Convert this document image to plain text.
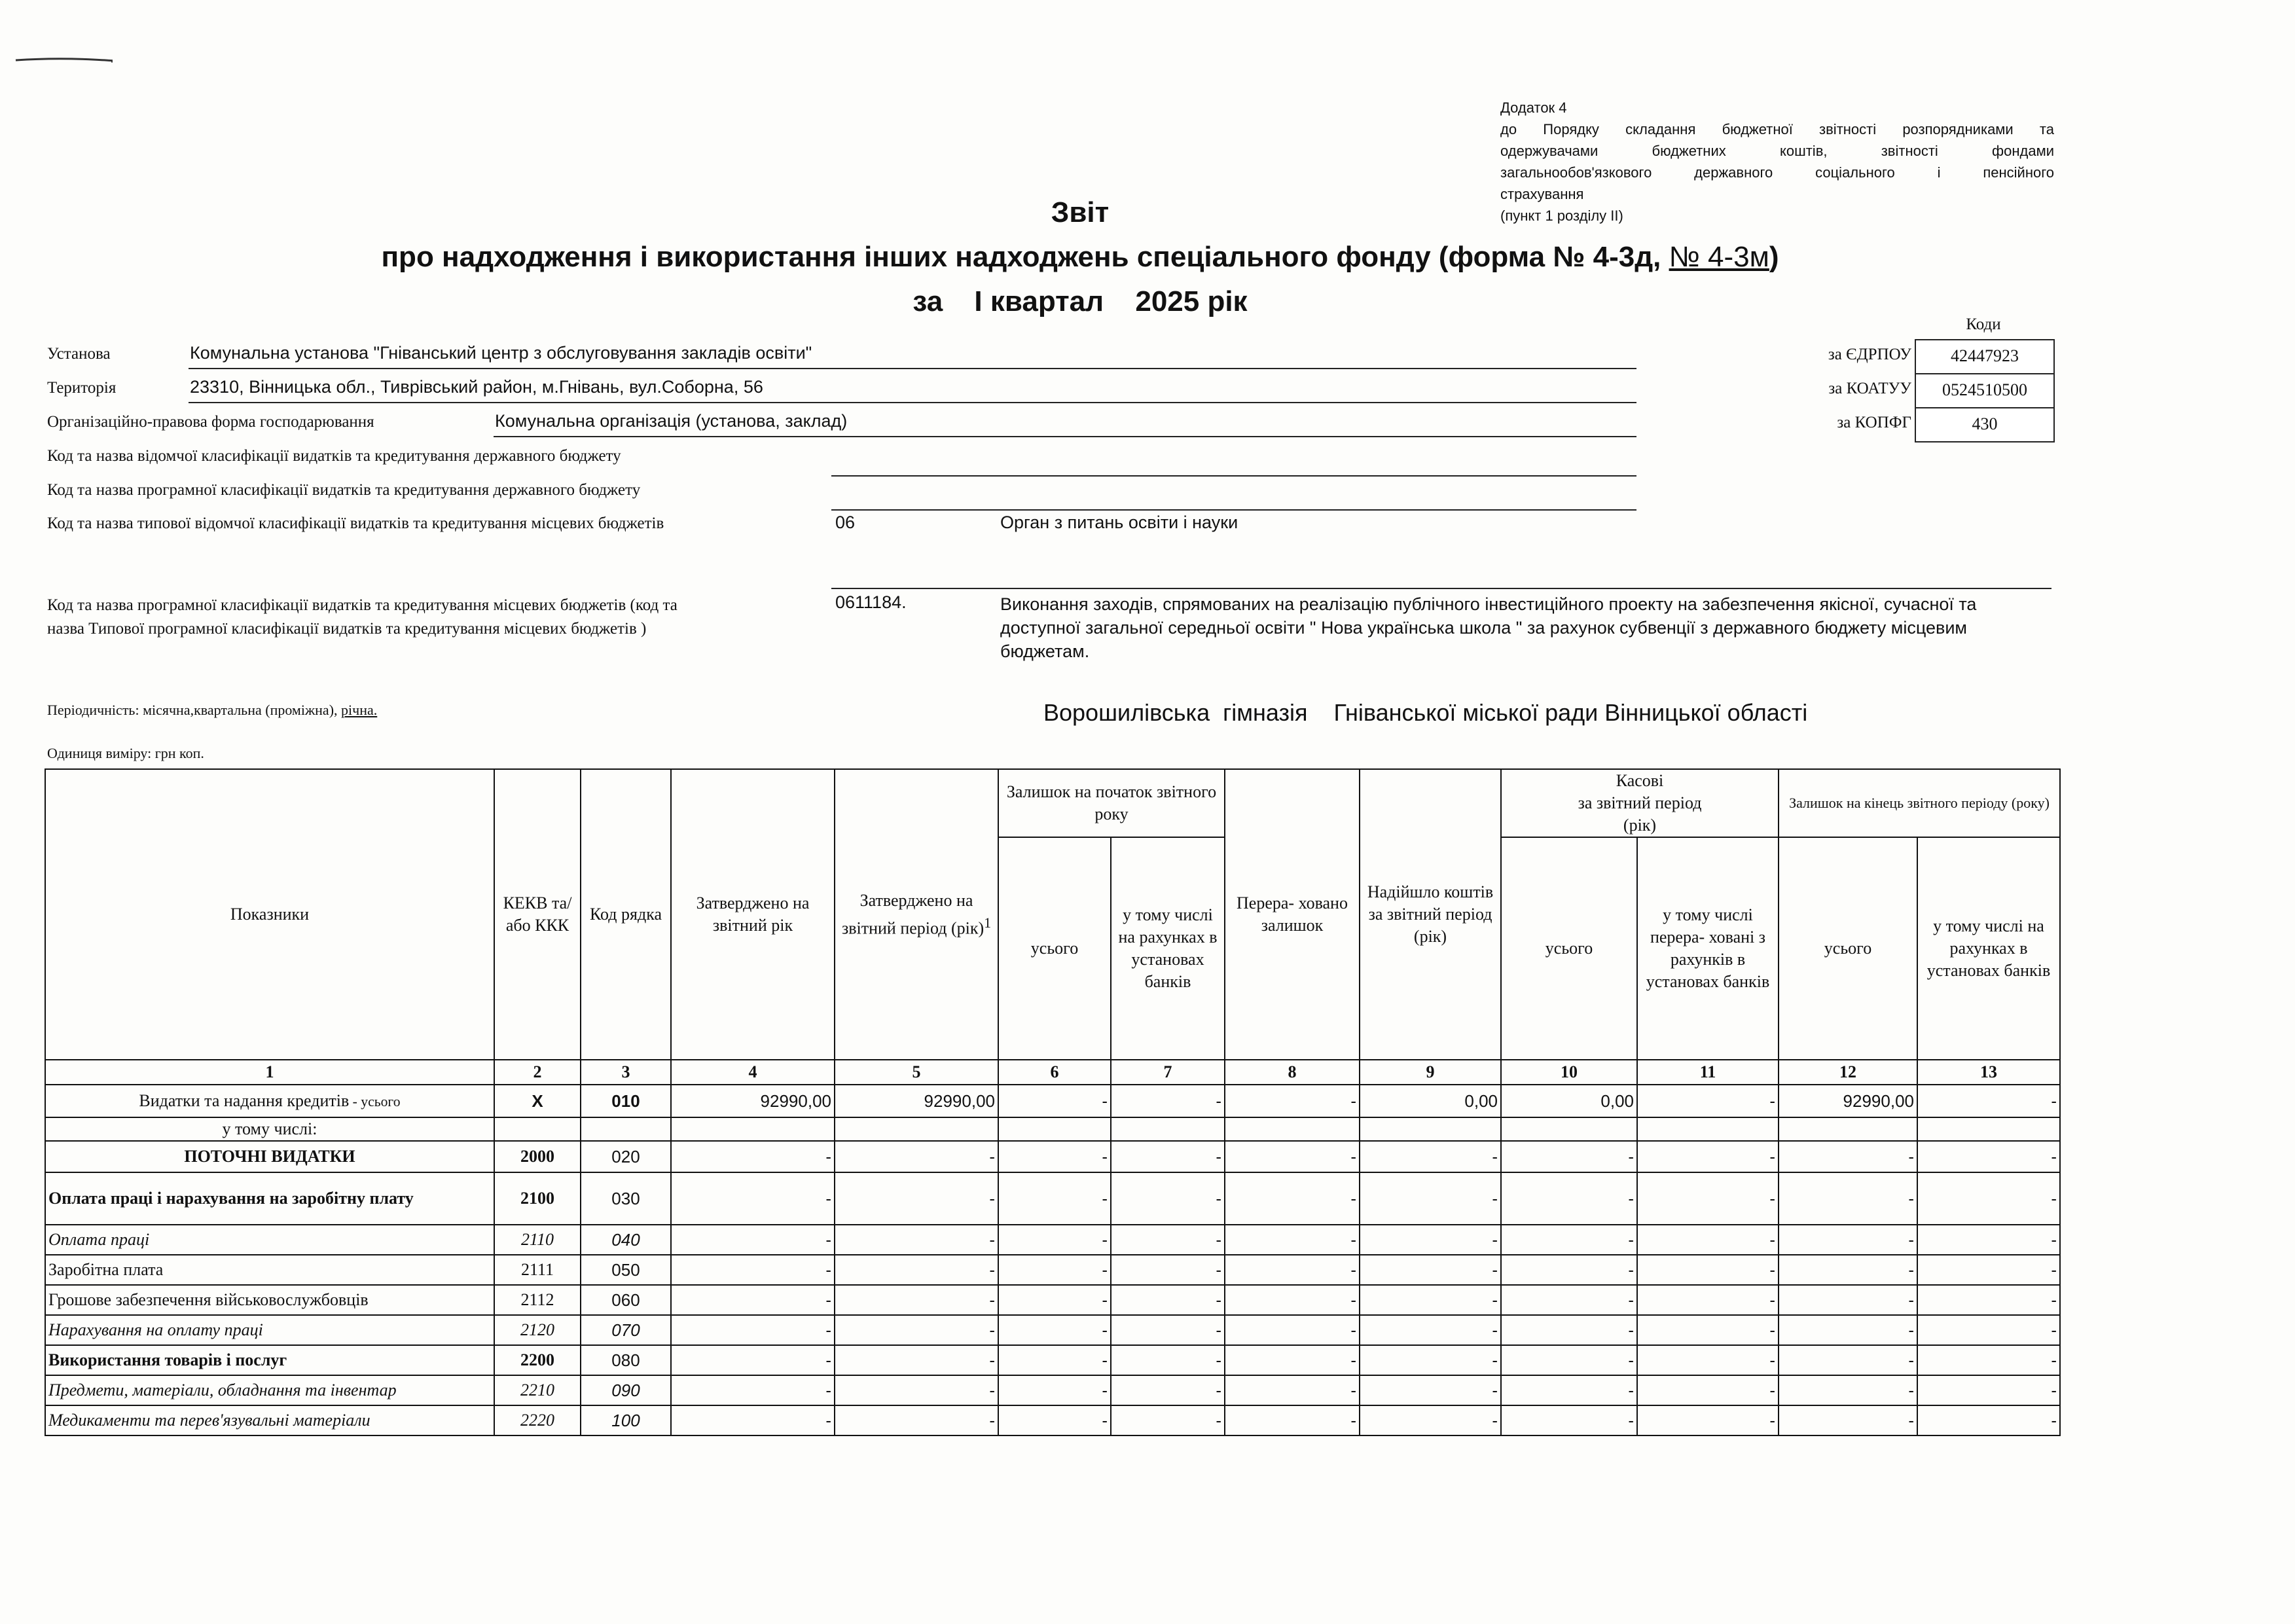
Додаток 4
до Порядку складання бюджетної звітності розпорядниками та
одержувачами бюджетних коштів, звітності фондами
загальнообов'язкового державного соціального і пенсійного
страхування
(пункт 1 розділу II)
Звіт
про надходження і використання інших надходжень спеціального фонду (форма № 4-3д, № 4-3м)
за І квартал 2025 рік
Коди
за ЄДРПОУ	42447923
за КОАТУУ	0524510500
за КОПФГ	430
Установа	Комунальна установа "Гніванський центр з обслуговування закладів освіти"
Територія	23310, Вінницька обл., Тиврівський район, м.Гнівань, вул.Соборна, 56
Організаційно-правова форма господарювання	Комунальна організація (установа, заклад)
Код та назва відомчої класифікації видатків та кредитування державного бюджету
Код та назва програмної класифікації видатків та кредитування державного бюджету
Код та назва типової відомчої класифікації видатків та кредитування місцевих бюджетів	06	Орган з питань освіти і науки
Код та назва програмної класифікації видатків та кредитування місцевих бюджетів (код та
назва Типової програмної класифікації видатків та кредитування місцевих бюджетів )
0611184.	Виконання заходів, спрямованих на реалізацію публічного інвестиційного проекту на забезпечення якісної, сучасної та
доступної загальної середньої освіти " Нова українська школа " за рахунок субвенції з державного бюджету місцевим
бюджетам.
Періодичність: місячна,квартальна (проміжна), річна.	Ворошилівська  гімназія    Гніванської міської ради Вінницької області
Одиниця виміру: грн коп.
Показники	КЕКВ та/або ККК	Код рядка	Затверджено на звітний рік	Затверджено на звітний період (рік)$^1$	Залишок на початок звітного року		Перера- ховано залишок	Надійшло коштів за звітний період (рік)	Касові
за звітний період
(рік)		Залишок на кінець звітного періоду (року)	
					усього	у тому числі на рахунках в установах банків			усього	у тому числі перера- ховані з рахунків в установах банків	усього	у тому числі на рахунках в установах банків
1	2	3	4	5	6	7	8	9	10	11	12	13
Видатки та надання кредитів - усього	Х	010	92990,00	92990,00	-	-	-	0,00	0,00	-	92990,00	-
у тому числі:												
ПОТОЧНІ ВИДАТКИ	2000	020	-	-	-	-	-	-	-	-	-	-
Оплата праці і нарахування на заробітну плату	2100	030	-	-	-	-	-	-	-	-	-	-
Оплата праці	2110	040	-	-	-	-	-	-	-	-	-	-
Заробітна плата	2111	050	-	-	-	-	-	-	-	-	-	-
Грошове забезпечення військовослужбовців	2112	060	-	-	-	-	-	-	-	-	-	-
Нарахування на оплату праці	2120	070	-	-	-	-	-	-	-	-	-	-
Використання товарів і послуг	2200	080	-	-	-	-	-	-	-	-	-	-
Предмети, матеріали, обладнання та інвентар	2210	090	-	-	-	-	-	-	-	-	-	-
Медикаменти та перев'язувальні матеріали	2220	100	-	-	-	-	-	-	-	-	-	-
